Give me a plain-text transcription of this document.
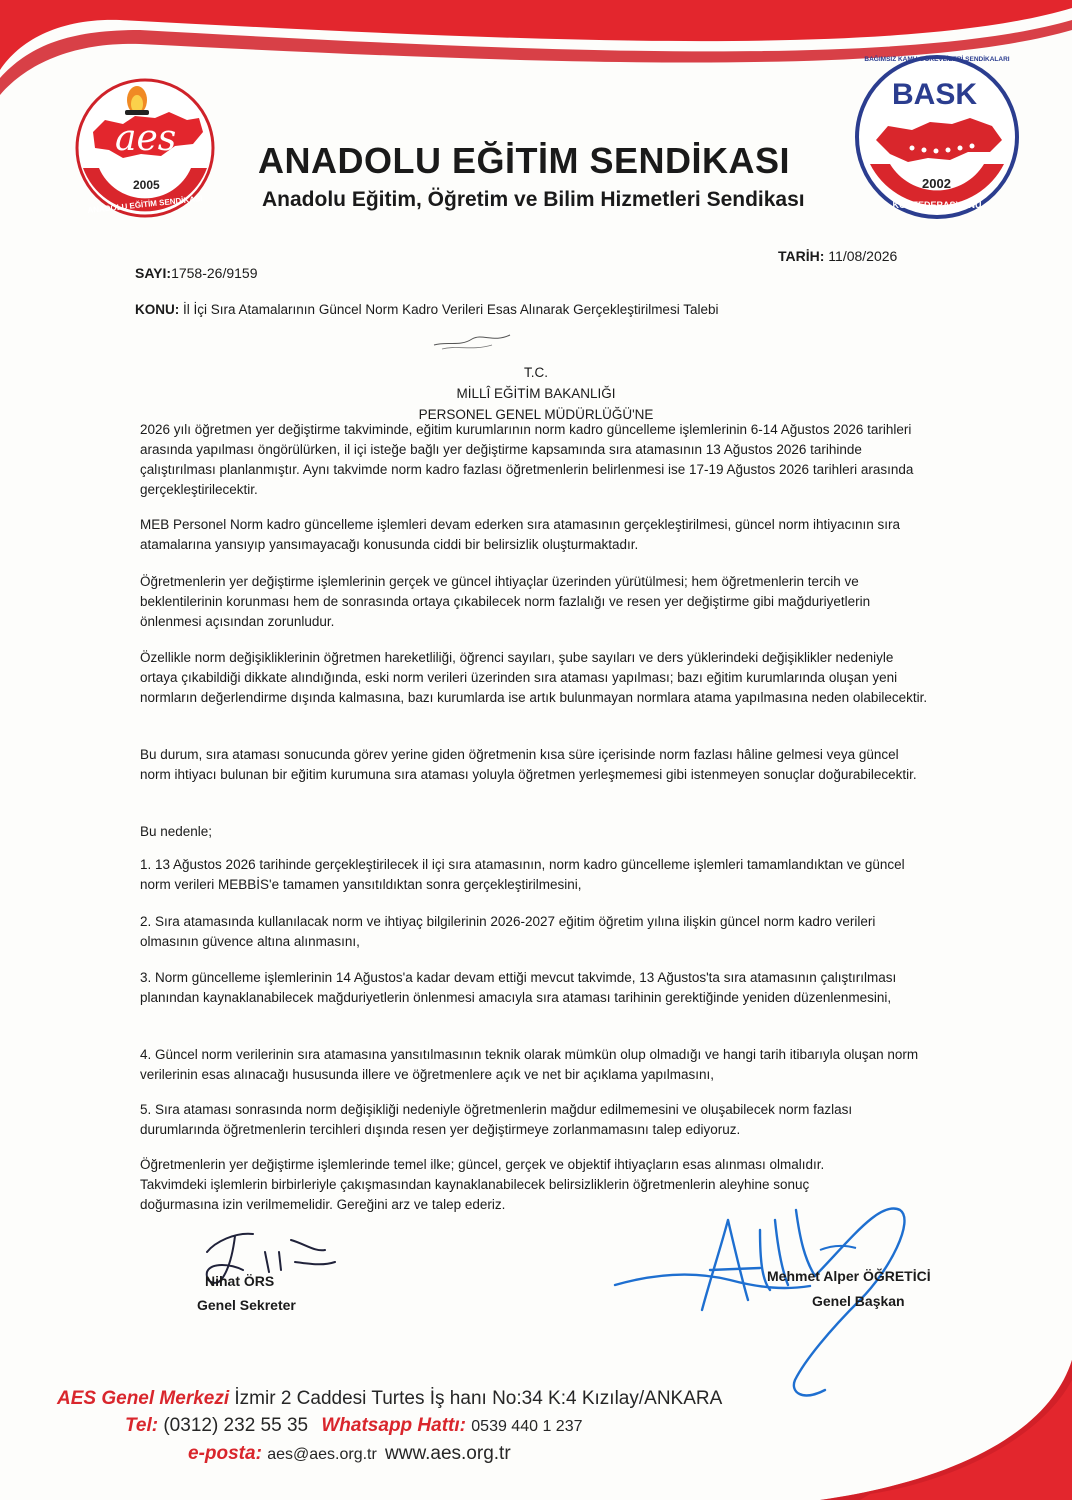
aes
2005
ANADOLU EĞİTİM SENDİKASI
BASK
2002
BAĞIMSIZ KAMU GÖREVLİLERİ SENDİKALARI
KONFEDERASYONU
ANADOLU EĞİTİM SENDİKASI
Anadolu Eğitim, Öğretim ve Bilim Hizmetleri Sendikası
TARİH: 11/08/2026
SAYI:1758-26/9159
KONU: İl İçi Sıra Atamalarının Güncel Norm Kadro Verileri Esas Alınarak Gerçekleştirilmesi Talebi
T.C.
MİLLÎ EĞİTİM BAKANLIĞI
PERSONEL GENEL MÜDÜRLÜĞÜ'NE
2026 yılı öğretmen yer değiştirme takviminde, eğitim kurumlarının norm kadro güncelleme işlemlerinin 6-14 Ağustos 2026 tarihleri arasında yapılması öngörülürken, il içi isteğe bağlı yer değiştirme kapsamında sıra atamasının 13 Ağustos 2026 tarihinde çalıştırılması planlanmıştır. Aynı takvimde norm kadro fazlası öğretmenlerin belirlenmesi ise 17-19 Ağustos 2026 tarihleri arasında gerçekleştirilecektir.
MEB Personel Norm kadro güncelleme işlemleri devam ederken sıra atamasının gerçekleştirilmesi, güncel norm ihtiyacının sıra atamalarına yansıyıp yansımayacağı konusunda ciddi bir belirsizlik oluşturmaktadır.
Öğretmenlerin yer değiştirme işlemlerinin gerçek ve güncel ihtiyaçlar üzerinden yürütülmesi; hem öğretmenlerin tercih ve beklentilerinin korunması hem de sonrasında ortaya çıkabilecek norm fazlalığı ve resen yer değiştirme gibi mağduriyetlerin önlenmesi açısından zorunludur.
Özellikle norm değişikliklerinin öğretmen hareketliliği, öğrenci sayıları, şube sayıları ve ders yüklerindeki değişiklikler nedeniyle ortaya çıkabildiği dikkate alındığında, eski norm verileri üzerinden sıra ataması yapılması; bazı eğitim kurumlarında oluşan yeni normların değerlendirme dışında kalmasına, bazı kurumlarda ise artık bulunmayan normlara atama yapılmasına neden olabilecektir.
Bu durum, sıra ataması sonucunda görev yerine giden öğretmenin kısa süre içerisinde norm fazlası hâline gelmesi veya güncel norm ihtiyacı bulunan bir eğitim kurumuna sıra ataması yoluyla öğretmen yerleşmemesi gibi istenmeyen sonuçlar doğurabilecektir.
Bu nedenle;
1. 13 Ağustos 2026 tarihinde gerçekleştirilecek il içi sıra atamasının, norm kadro güncelleme işlemleri tamamlandıktan ve güncel norm verileri MEBBİS'e tamamen yansıtıldıktan sonra gerçekleştirilmesini,
2. Sıra atamasında kullanılacak norm ve ihtiyaç bilgilerinin 2026-2027 eğitim öğretim yılına ilişkin güncel norm kadro verileri olmasının güvence altına alınmasını,
3. Norm güncelleme işlemlerinin 14 Ağustos'a kadar devam ettiği mevcut takvimde, 13 Ağustos'ta sıra atamasının çalıştırılması planından kaynaklanabilecek mağduriyetlerin önlenmesi amacıyla sıra ataması tarihinin gerektiğinde yeniden düzenlenmesini,
4. Güncel norm verilerinin sıra atamasına yansıtılmasının teknik olarak mümkün olup olmadığı ve hangi tarih itibarıyla oluşan norm verilerinin esas alınacağı hususunda illere ve öğretmenlere açık ve net bir açıklama yapılmasını,
5. Sıra ataması sonrasında norm değişikliği nedeniyle öğretmenlerin mağdur edilmemesini ve oluşabilecek norm fazlası durumlarında öğretmenlerin tercihleri dışında resen yer değiştirmeye zorlanmamasını talep ediyoruz.
Öğretmenlerin yer değiştirme işlemlerinde temel ilke; güncel, gerçek ve objektif ihtiyaçların esas alınması olmalıdır. Takvimdeki işlemlerin birbirleriyle çakışmasından kaynaklanabilecek belirsizliklerin öğretmenlerin aleyhine sonuç doğurmasına izin verilmemelidir. Gereğini arz ve talep ederiz.
Nihat ÖRS
Genel Sekreter
Mehmet Alper ÖĞRETİCİ
Genel Başkan
AES Genel Merkezi İzmir 2 Caddesi Turtes İş hanı No:34 K:4 Kızılay/ANKARA
Tel: (0312) 232 55 35 Whatsapp Hattı: 0539 440 1 237
e-posta: aes@aes.org.tr www.aes.org.tr
